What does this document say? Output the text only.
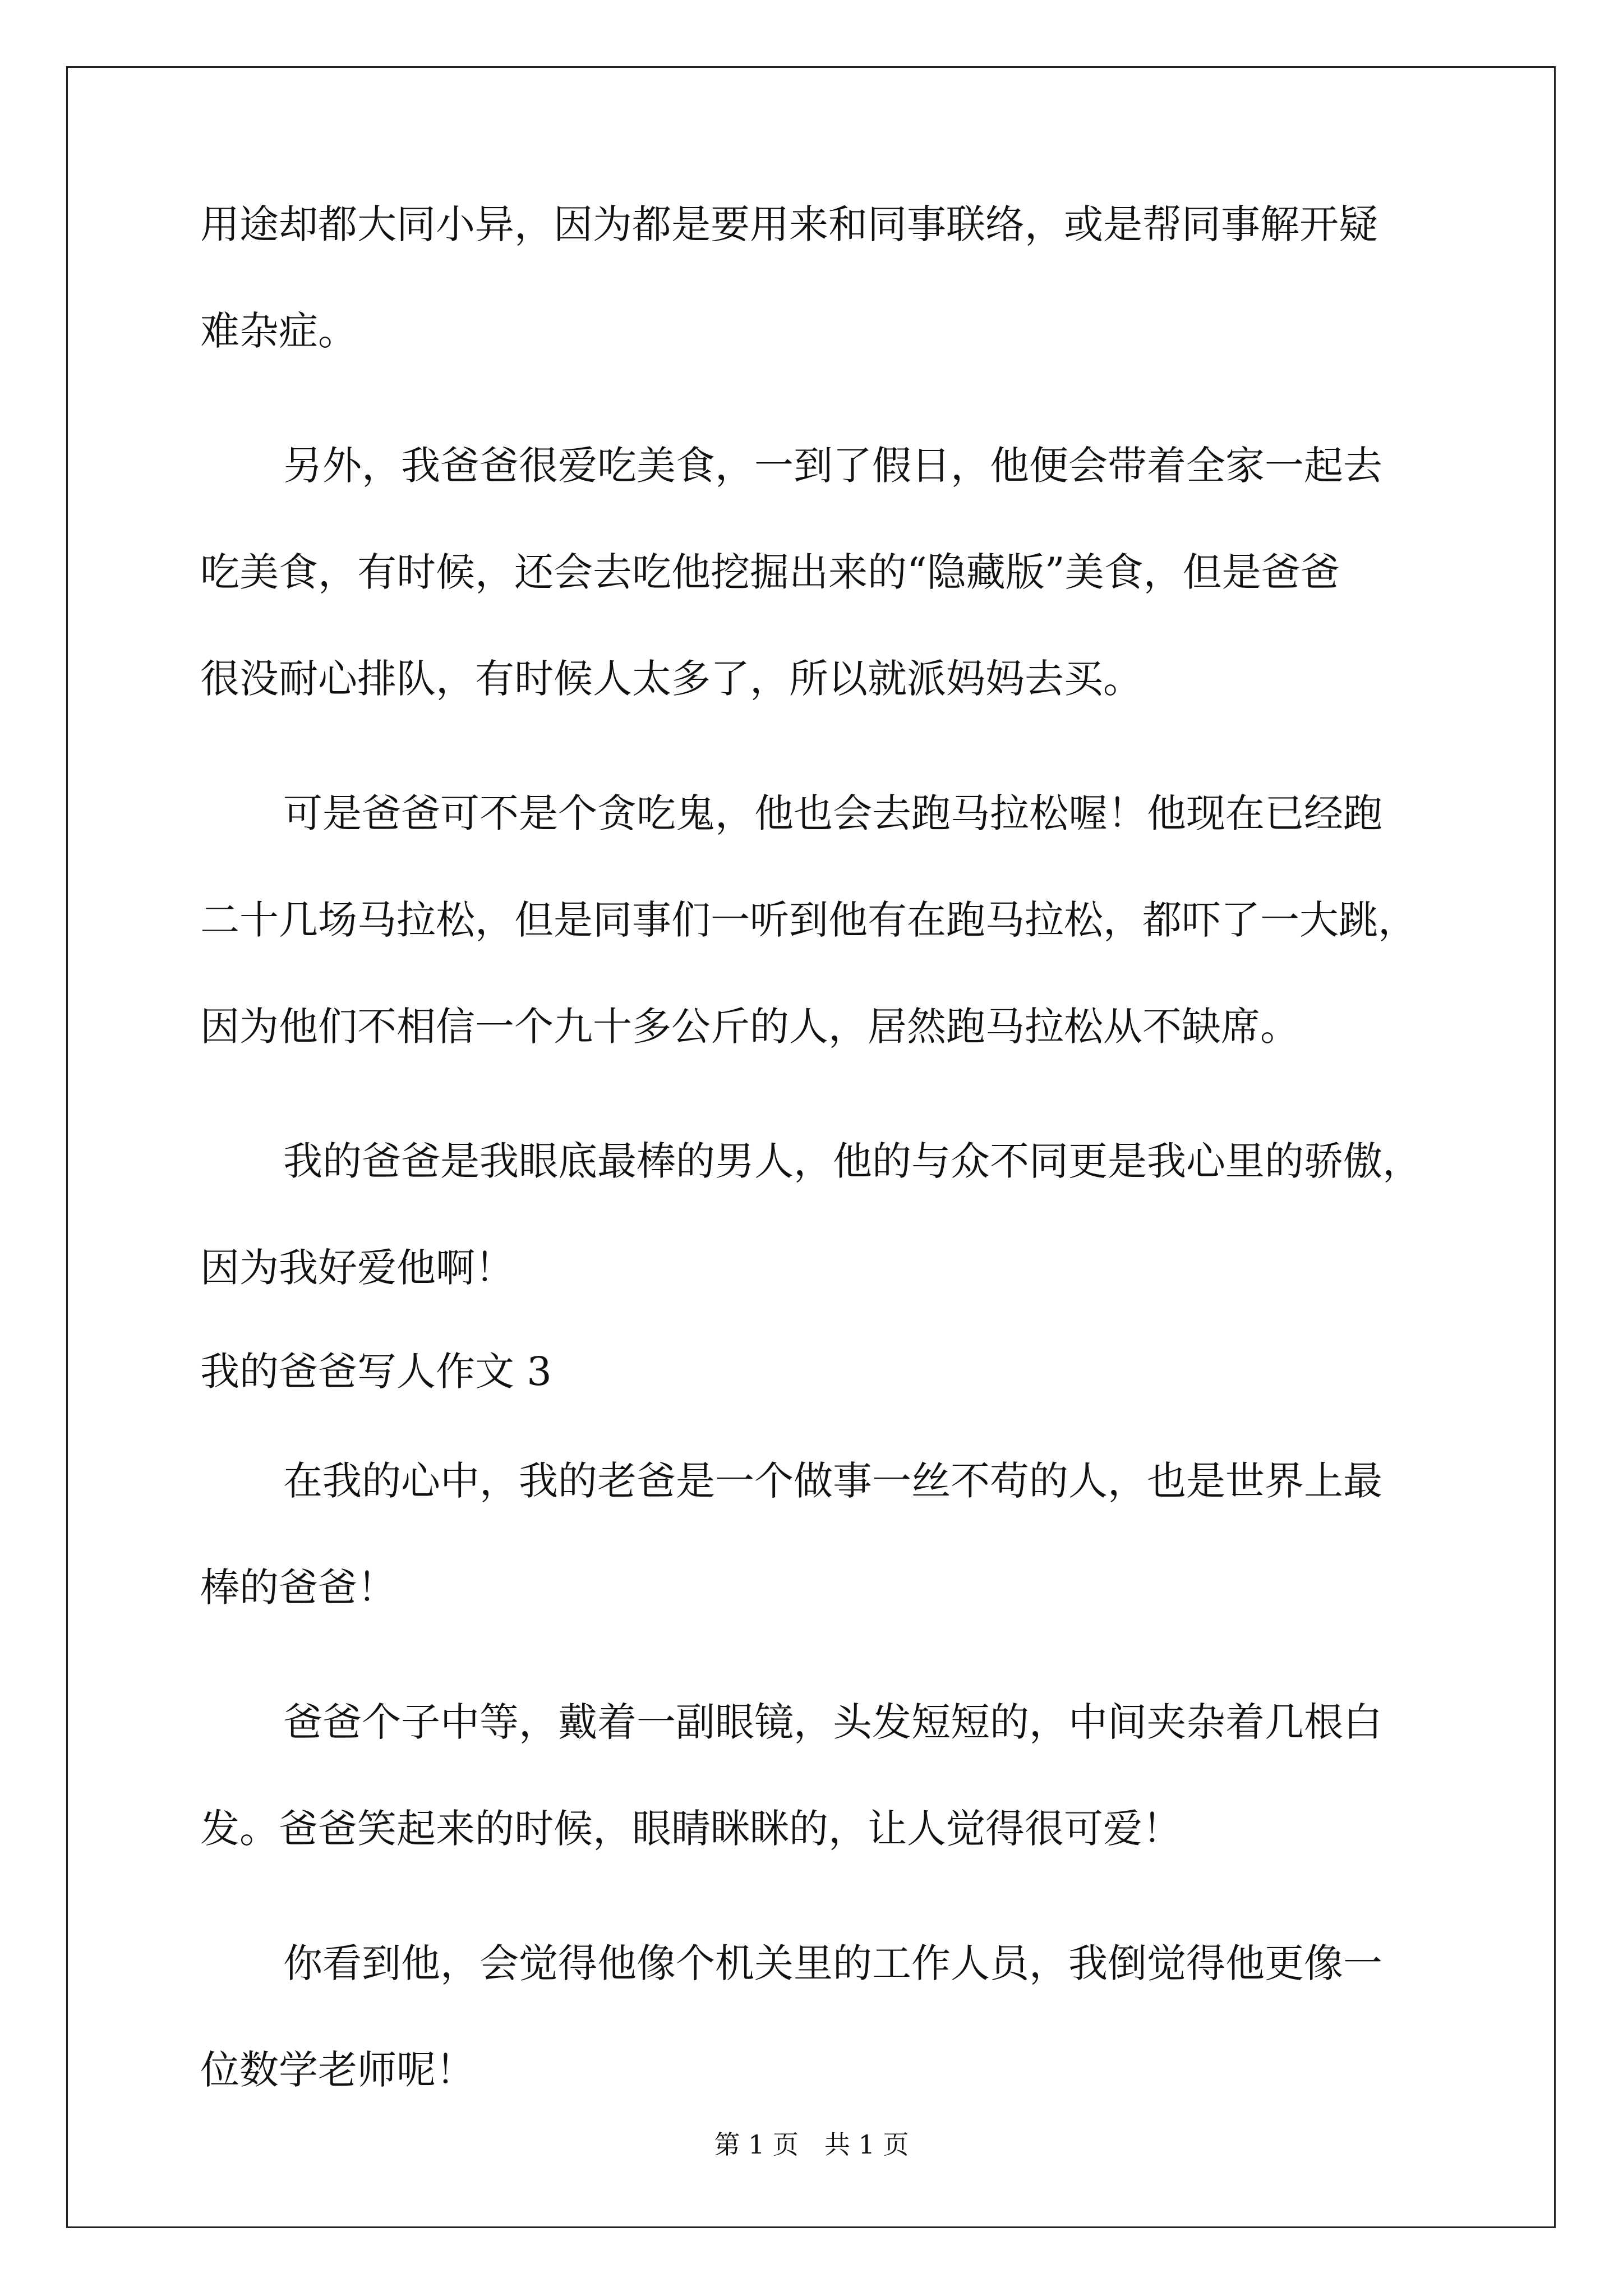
用途却都大同小异，因为都是要用来和同事联络，或是帮同事解开疑
难杂症。
另外，我爸爸很爱吃美食，一到了假日，他便会带着全家一起去
吃美食，有时候，还会去吃他挖掘出来的“隐藏版”美食，但是爸爸
很没耐心排队，有时候人太多了，所以就派妈妈去买。
可是爸爸可不是个贪吃鬼，他也会去跑马拉松喔！他现在已经跑
二十几场马拉松，但是同事们一听到他有在跑马拉松，都吓了一大跳，
因为他们不相信一个九十多公斤的人，居然跑马拉松从不缺席。
我的爸爸是我眼底最棒的男人，他的与众不同更是我心里的骄傲，
因为我好爱他啊！
我的爸爸写人作文 3
在我的心中，我的老爸是一个做事一丝不苟的人，也是世界上最
棒的爸爸！
爸爸个子中等，戴着一副眼镜，头发短短的，中间夹杂着几根白
发。爸爸笑起来的时候，眼睛眯眯的，让人觉得很可爱！
你看到他，会觉得他像个机关里的工作人员，我倒觉得他更像一
位数学老师呢！
第 1 页 共 1 页
